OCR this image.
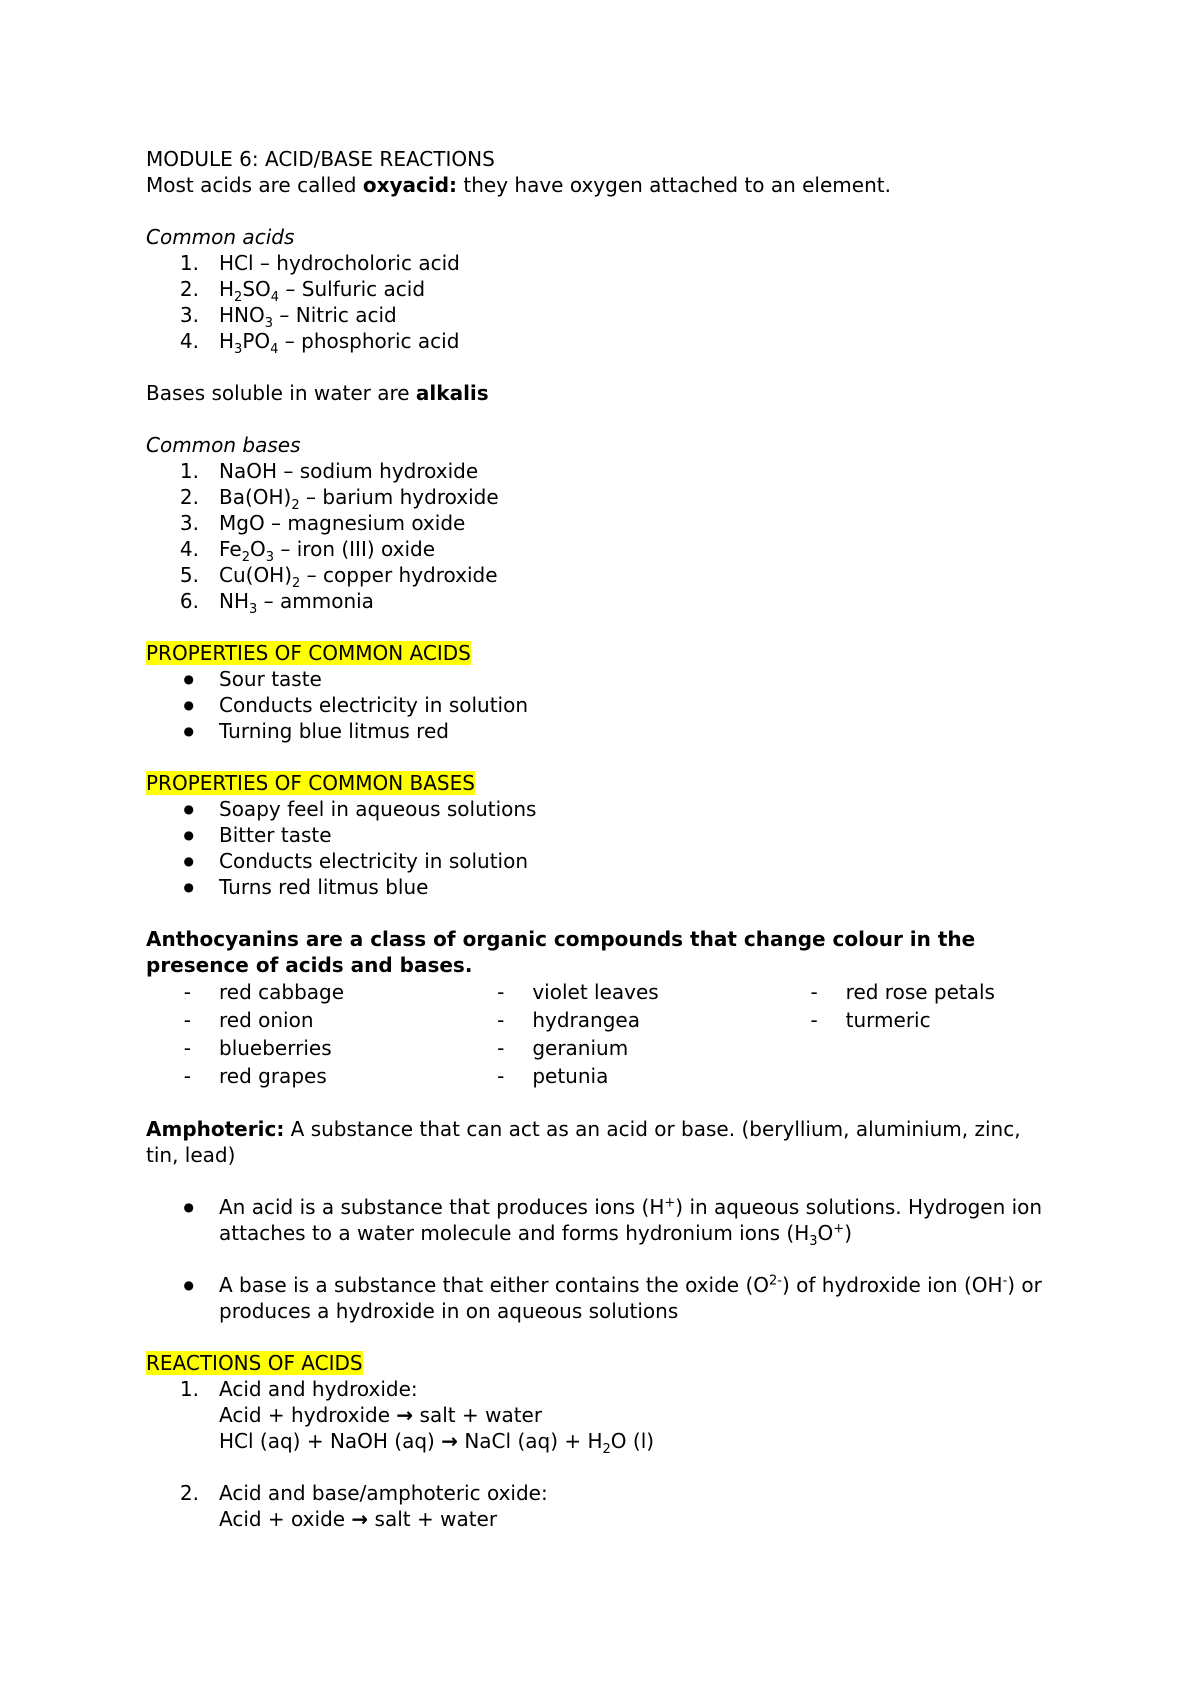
MODULE 6: ACID/BASE REACTIONS
Most acids are called oxyacid: they have oxygen attached to an element.
Common acids
1.	HCl – hydrocholoric acid
2.	$H_2SO_4$ – Sulfuric acid
3.	$HNO_3$ – Nitric acid
4.	$H_3PO_4$ – phosphoric acid
Bases soluble in water are alkalis
Common bases
1.	NaOH – sodium hydroxide
2.	$Ba(OH)_2$ – barium hydroxide
3.	MgO – magnesium oxide
4.	$Fe_2O_3$ – iron (III) oxide
5.	$Cu(OH)_2$ – copper hydroxide
6.	$NH_3$ – ammonia
PROPERTIES OF COMMON ACIDS
●	Sour taste
●	Conducts electricity in solution
●	Turning blue litmus red
PROPERTIES OF COMMON BASES
●	Soapy feel in aqueous solutions
●	Bitter taste
●	Conducts electricity in solution
●	Turns red litmus blue
Anthocyanins are a class of organic compounds that change colour in the presence of acids and bases.
-	red cabbage
-	red onion
-	blueberries
-	red grapes
-	violet leaves
-	hydrangea
-	geranium
-	petunia
-	red rose petals
-	turmeric
Amphoteric: A substance that can act as an acid or base. (beryllium, aluminium, zinc, tin, lead)
●	An acid is a substance that produces ions (H+) in aqueous solutions. Hydrogen ion attaches to a water molecule and forms hydronium ions $(H_3O^+)$
●	A base is a substance that either contains the oxide $(O^{2-})$ of hydroxide ion (OH-) or produces a hydroxide in on aqueous solutions
REACTIONS OF ACIDS
1.	Acid and hydroxide:
Acid + hydroxide → salt + water
HCl (aq) + NaOH (aq) → NaCl $(aq) + H_2O$ (l)
2.	Acid and base/amphoteric oxide:
Acid + oxide → salt + water
